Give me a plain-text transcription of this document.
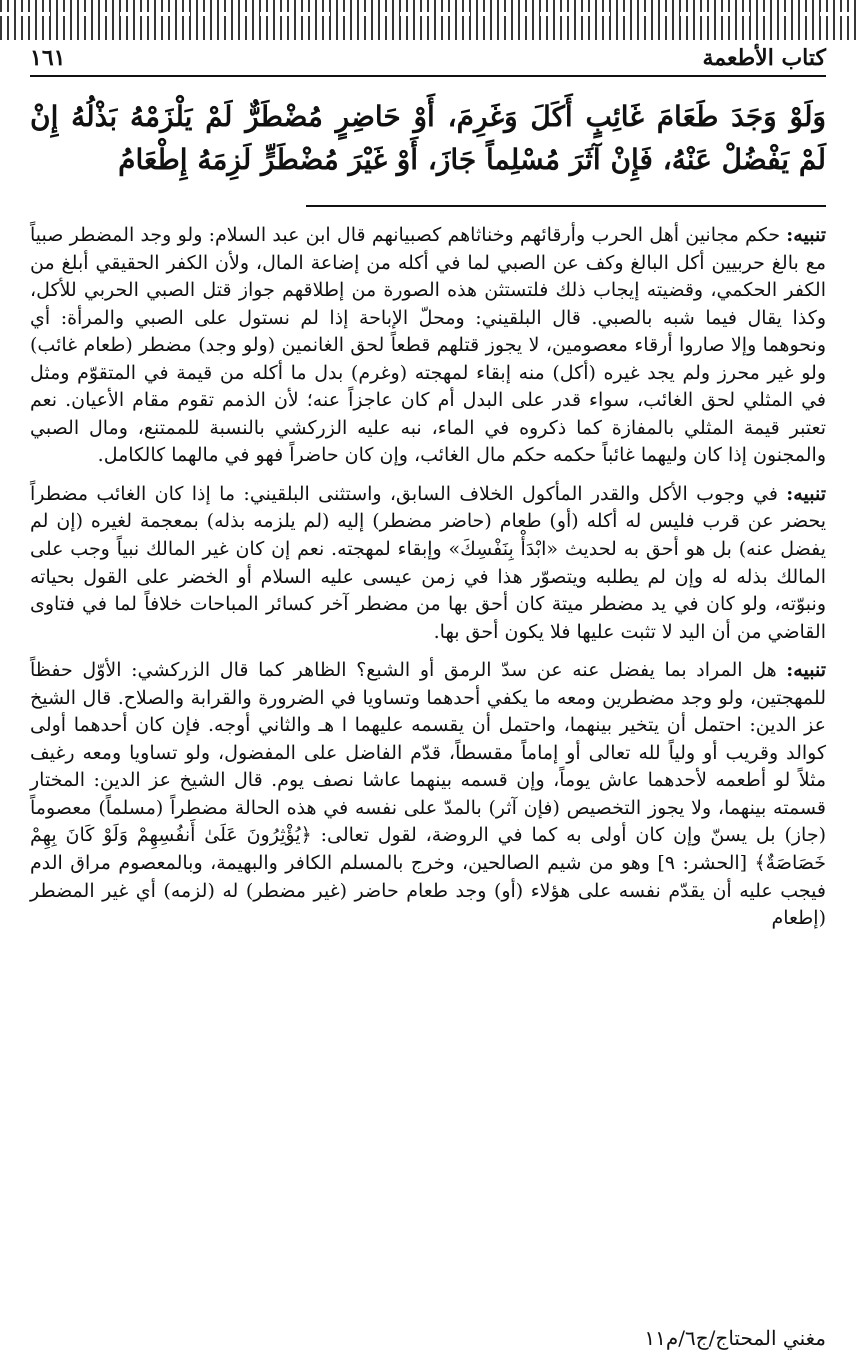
كتاب الأطعمة
١٦١
وَلَوْ وَجَدَ طَعَامَ غَائِبٍ أَكَلَ وَغَرِمَ، أَوْ حَاضِرٍ مُضْطَرٌّ لَمْ يَلْزَمْهُ بَذْلُهُ إِنْ لَمْ يَفْضُلْ عَنْهُ، فَإِنْ آثَرَ مُسْلِماً جَازَ، أَوْ غَيْرَ مُضْطَرٍّ لَزِمَهُ إِطْعَامُ

تنبيه: حكم مجانين أهل الحرب وأرقائهم وخناثاهم كصبيانهم قال ابن عبد السلام: ولو وجد المضطر صبياً مع بالغ حربيين أكل البالغ وكف عن الصبي لما في أكله من إضاعة المال، ولأن الكفر الحقيقي أبلغ من الكفر الحكمي، وقضيته إيجاب ذلك فلتستثن هذه الصورة من إطلاقهم جواز قتل الصبي الحربي للأكل، وكذا يقال فيما شبه بالصبي. قال البلقيني: ومحلّ الإباحة إذا لم نستول على الصبي والمرأة: أي ونحوهما وإلا صاروا أرقاء معصومين، لا يجوز قتلهم قطعاً لحق الغانمين (ولو وجد) مضطر (طعام غائب) ولو غير محرز ولم يجد غيره (أكل) منه إبقاء لمهجته (وغرم) بدل ما أكله من قيمة في المتقوّم ومثل في المثلي لحق الغائب، سواء قدر على البدل أم كان عاجزاً عنه؛ لأن الذمم تقوم مقام الأعيان. نعم تعتبر قيمة المثلي بالمفازة كما ذكروه في الماء، نبه عليه الزركشي بالنسبة للممتنع، ومال الصبي والمجنون إذا كان وليهما غائباً حكمه حكم مال الغائب، وإن كان حاضراً فهو في مالهما كالكامل.

تنبيه: في وجوب الأكل والقدر المأكول الخلاف السابق، واستثنى البلقيني: ما إذا كان الغائب مضطراً يحضر عن قرب فليس له أكله (أو) طعام (حاضر مضطر) إليه (لم يلزمه بذله) بمعجمة لغيره (إن لم يفضل عنه) بل هو أحق به لحديث «ابْدَأْ بِنَفْسِكَ» وإبقاء لمهجته. نعم إن كان غير المالك نبياً وجب على المالك بذله له وإن لم يطلبه ويتصوّر هذا في زمن عيسى عليه السلام أو الخضر على القول بحياته ونبوّته، ولو كان في يد مضطر ميتة كان أحق بها من مضطر آخر كسائر المباحات خلافاً لما في فتاوى القاضي من أن اليد لا تثبت عليها فلا يكون أحق بها.

تنبيه: هل المراد بما يفضل عنه عن سدّ الرمق أو الشبع؟ الظاهر كما قال الزركشي: الأوّل حفظاً للمهجتين، ولو وجد مضطرين ومعه ما يكفي أحدهما وتساويا في الضرورة والقرابة والصلاح. قال الشيخ عز الدين: احتمل أن يتخير بينهما، واحتمل أن يقسمه عليهما ا هـ والثاني أوجه. فإن كان أحدهما أولى كوالد وقريب أو ولياً لله تعالى أو إماماً مقسطاً، قدّم الفاضل على المفضول، ولو تساويا ومعه رغيف مثلاً لو أطعمه لأحدهما عاش يوماً، وإن قسمه بينهما عاشا نصف يوم. قال الشيخ عز الدين: المختار قسمته بينهما، ولا يجوز التخصيص (فإن آثر) بالمدّ على نفسه في هذه الحالة مضطراً (مسلماً) معصوماً (جاز) بل يسنّ وإن كان أولى به كما في الروضة، لقول تعالى: ﴿يُؤْثِرُونَ عَلَىٰ أَنفُسِهِمْ وَلَوْ كَانَ بِهِمْ خَصَاصَةٌ﴾ [الحشر: ٩] وهو من شيم الصالحين، وخرج بالمسلم الكافر والبهيمة، وبالمعصوم مراق الدم فيجب عليه أن يقدّم نفسه على هؤلاء (أو) وجد طعام حاضر (غير مضطر) له (لزمه) أي غير المضطر (إطعام

مغني المحتاج/ج٦/م١١
